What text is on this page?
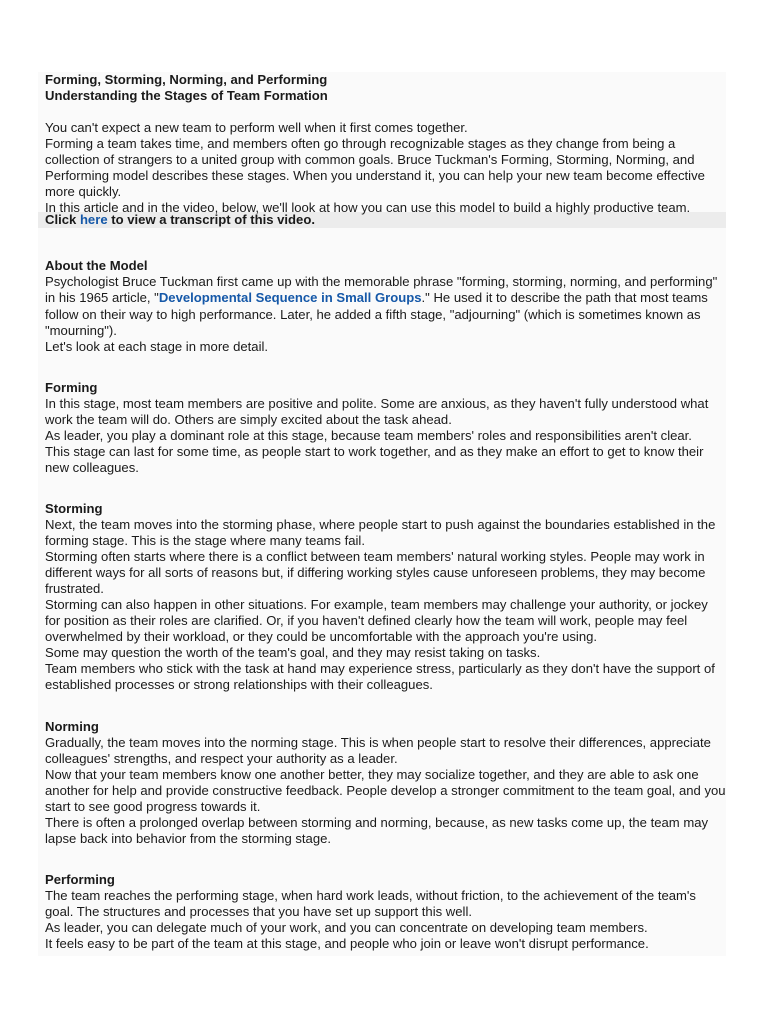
Forming, Storming, Norming, and Performing
Understanding the Stages of Team Formation

You can't expect a new team to perform well when it first comes together.

Forming a team takes time, and members often go through recognizable stages as they change from being a collection of strangers to a united group with common goals. Bruce Tuckman's Forming, Storming, Norming, and Performing model describes these stages. When you understand it, you can help your new team become effective more quickly.

In this article and in the video, below, we'll look at how you can use this model to build a highly productive team.

Click here to view a transcript of this video.
About the Model

Psychologist Bruce Tuckman first came up with the memorable phrase "forming, storming, norming, and performing" in his 1965 article, "Developmental Sequence in Small Groups." He used it to describe the path that most teams follow on their way to high performance. Later, he added a fifth stage, "adjourning" (which is sometimes known as "mourning").

Let's look at each stage in more detail.

Forming

In this stage, most team members are positive and polite. Some are anxious, as they haven't fully understood what work the team will do. Others are simply excited about the task ahead.

As leader, you play a dominant role at this stage, because team members' roles and responsibilities aren't clear.

This stage can last for some time, as people start to work together, and as they make an effort to get to know their new colleagues.

Storming

Next, the team moves into the storming phase, where people start to push against the boundaries established in the forming stage. This is the stage where many teams fail.

Storming often starts where there is a conflict between team members' natural working styles. People may work in different ways for all sorts of reasons but, if differing working styles cause unforeseen problems, they may become frustrated.

Storming can also happen in other situations. For example, team members may challenge your authority, or jockey for position as their roles are clarified. Or, if you haven't defined clearly how the team will work, people may feel overwhelmed by their workload, or they could be uncomfortable with the approach you're using.

Some may question the worth of the team's goal, and they may resist taking on tasks.

Team members who stick with the task at hand may experience stress, particularly as they don't have the support of established processes or strong relationships with their colleagues.

Norming

Gradually, the team moves into the norming stage. This is when people start to resolve their differences, appreciate colleagues' strengths, and respect your authority as a leader.

Now that your team members know one another better, they may socialize together, and they are able to ask one another for help and provide constructive feedback. People develop a stronger commitment to the team goal, and you start to see good progress towards it.

There is often a prolonged overlap between storming and norming, because, as new tasks come up, the team may lapse back into behavior from the storming stage.

Performing

The team reaches the performing stage, when hard work leads, without friction, to the achievement of the team's goal. The structures and processes that you have set up support this well.

As leader, you can delegate much of your work, and you can concentrate on developing team members.

It feels easy to be part of the team at this stage, and people who join or leave won't disrupt performance.
